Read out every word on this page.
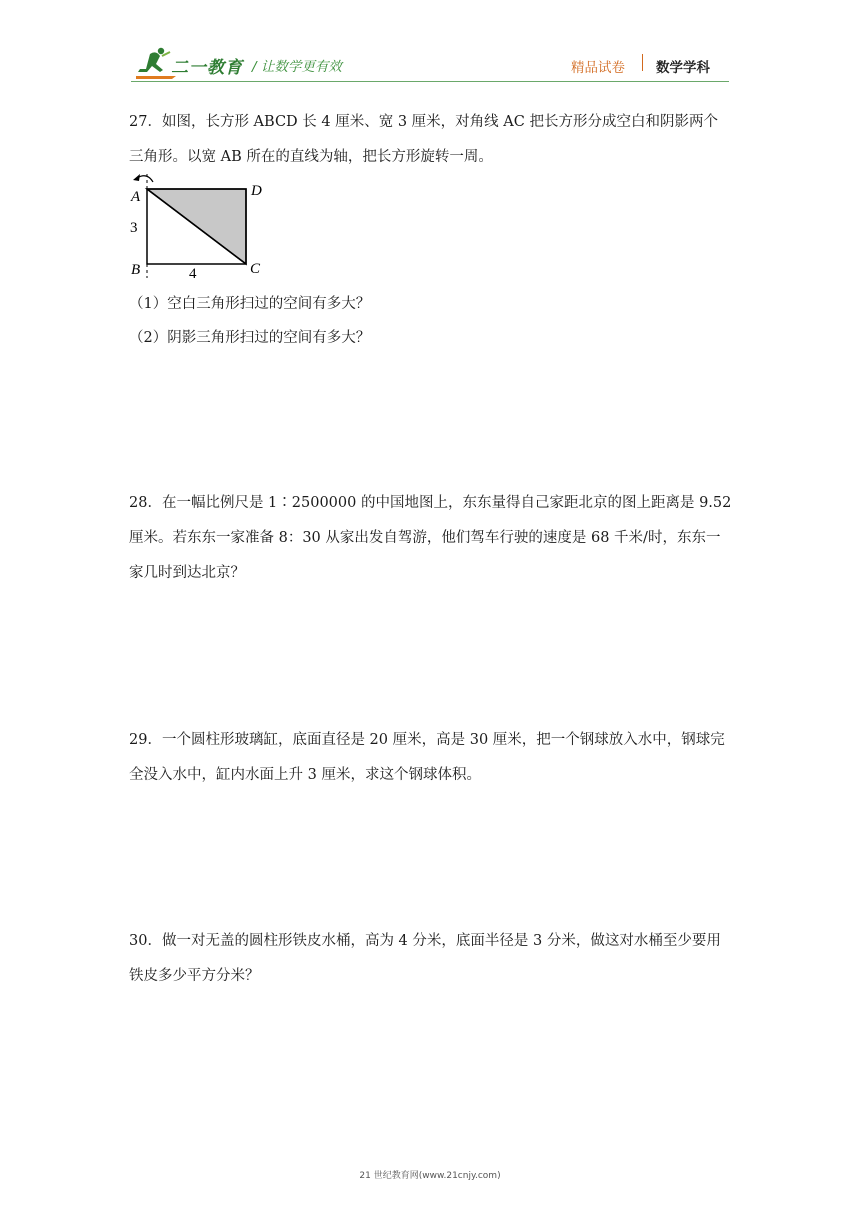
二一教育 / 让数学更有效	精品试卷 数学学科
27．如图，长方形 ABCD 长 4 厘米、宽 3 厘米，对角线 AC 把长方形分成空白和阴影两个
三角形。以宽 AB 所在的直线为轴，把长方形旋转一周。
A	D
B	C
3
4
（1）空白三角形扫过的空间有多大？
（2）阴影三角形扫过的空间有多大？
28．在一幅比例尺是 1∶2500000 的中国地图上，东东量得自己家距北京的图上距离是 9.52
厘米。若东东一家准备 8：30 从家出发自驾游，他们驾车行驶的速度是 68 千米/时，东东一
家几时到达北京？
29．一个圆柱形玻璃缸，底面直径是 20 厘米，高是 30 厘米，把一个钢球放入水中，钢球完
全没入水中，缸内水面上升 3 厘米，求这个钢球体积。
30．做一对无盖的圆柱形铁皮水桶，高为 4 分米，底面半径是 3 分米，做这对水桶至少要用
铁皮多少平方分米？
21 世纪教育网(www.21cnjy.com)
